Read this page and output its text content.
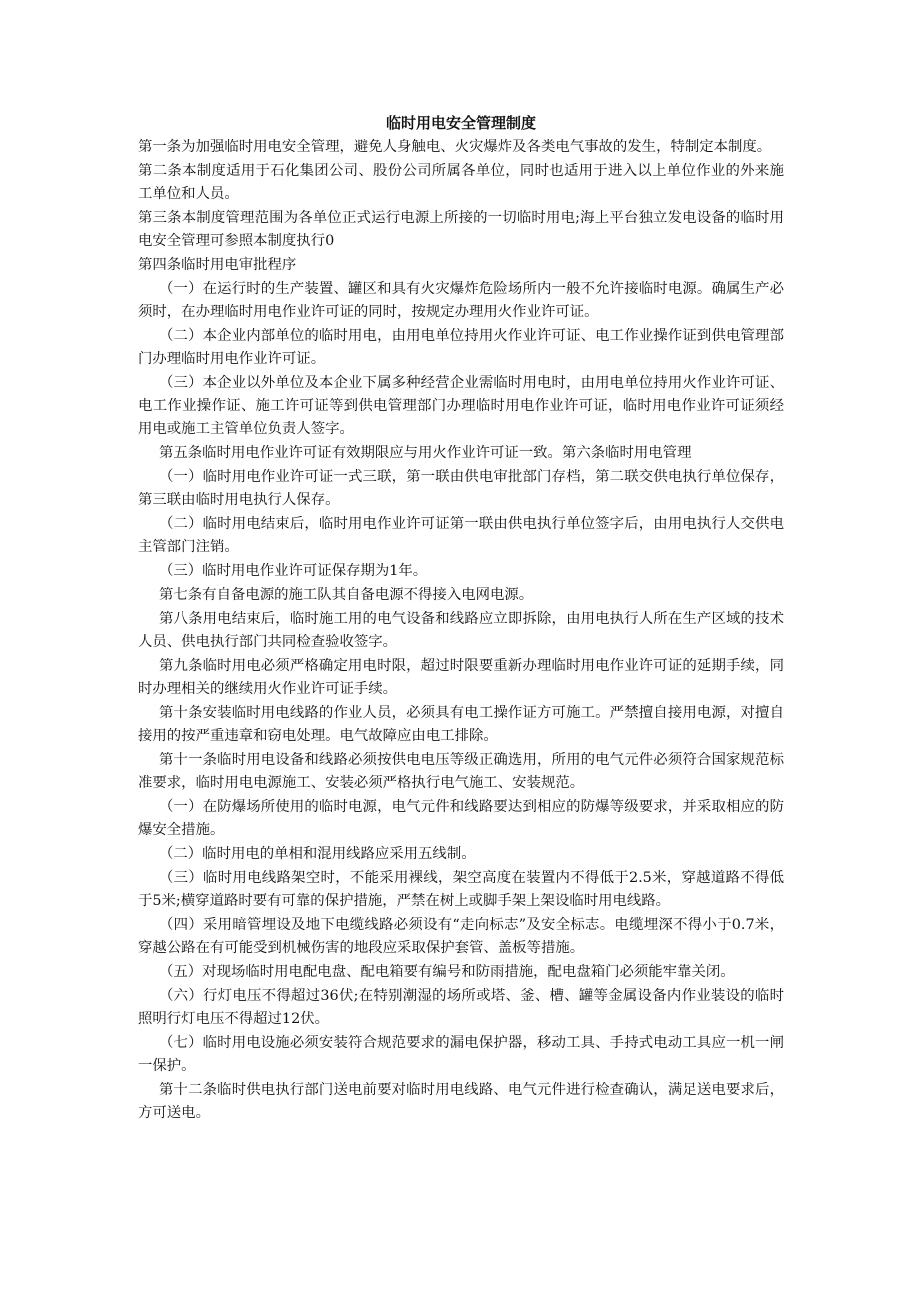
临时用电安全管理制度

第一条为加强临时用电安全管理，避免人身触电、火灾爆炸及各类电气事故的发生，特制定本制度。

第二条本制度适用于石化集团公司、股份公司所属各单位，同时也适用于进入以上单位作业的外来施工单位和人员。

第三条本制度管理范围为各单位正式运行电源上所接的一切临时用电;海上平台独立发电设备的临时用电安全管理可参照本制度执行0

第四条临时用电审批程序

（一）在运行时的生产装置、罐区和具有火灾爆炸危险场所内一般不允许接临时电源。确属生产必须时，在办理临时用电作业许可证的同时，按规定办理用火作业许可证。

（二）本企业内部单位的临时用电，由用电单位持用火作业许可证、电工作业操作证到供电管理部门办理临时用电作业许可证。

（三）本企业以外单位及本企业下属多种经营企业需临时用电时，由用电单位持用火作业许可证、电工作业操作证、施工许可证等到供电管理部门办理临时用电作业许可证，临时用电作业许可证须经用电或施工主管单位负责人签字。

第五条临时用电作业许可证有效期限应与用火作业许可证一致。第六条临时用电管理

（一）临时用电作业许可证一式三联，第一联由供电审批部门存档，第二联交供电执行单位保存，第三联由临时用电执行人保存。

（二）临时用电结束后，临时用电作业许可证第一联由供电执行单位签字后，由用电执行人交供电主管部门注销。

（三）临时用电作业许可证保存期为1年。

第七条有自备电源的施工队其自备电源不得接入电网电源。

第八条用电结束后，临时施工用的电气设备和线路应立即拆除，由用电执行人所在生产区域的技术人员、供电执行部门共同检查验收签字。

第九条临时用电必须严格确定用电时限，超过时限要重新办理临时用电作业许可证的延期手续，同时办理相关的继续用火作业许可证手续。

第十条安装临时用电线路的作业人员，必须具有电工操作证方可施工。严禁擅自接用电源，对擅自接用的按严重违章和窃电处理。电气故障应由电工排除。

第十一条临时用电设备和线路必须按供电电压等级正确选用，所用的电气元件必须符合国家规范标准要求，临时用电电源施工、安装必须严格执行电气施工、安装规范。

（一）在防爆场所使用的临时电源，电气元件和线路要达到相应的防爆等级要求，并采取相应的防爆安全措施。

（二）临时用电的单相和混用线路应采用五线制。

（三）临时用电线路架空时，不能采用裸线，架空高度在装置内不得低于2.5米，穿越道路不得低于5米;横穿道路时要有可靠的保护措施，严禁在树上或脚手架上架设临时用电线路。

（四）采用暗管埋设及地下电缆线路必须设有“走向标志”及安全标志。电缆埋深不得小于0.7米，穿越公路在有可能受到机械伤害的地段应采取保护套管、盖板等措施。

（五）对现场临时用电配电盘、配电箱要有编号和防雨措施，配电盘箱门必须能牢靠关闭。

（六）行灯电压不得超过36伏;在特别潮湿的场所或塔、釜、槽、罐等金属设备内作业装设的临时照明行灯电压不得超过12伏。

（七）临时用电设施必须安装符合规范要求的漏电保护器，移动工具、手持式电动工具应一机一闸一保护。

第十二条临时供电执行部门送电前要对临时用电线路、电气元件进行检查确认，满足送电要求后，方可送电。
